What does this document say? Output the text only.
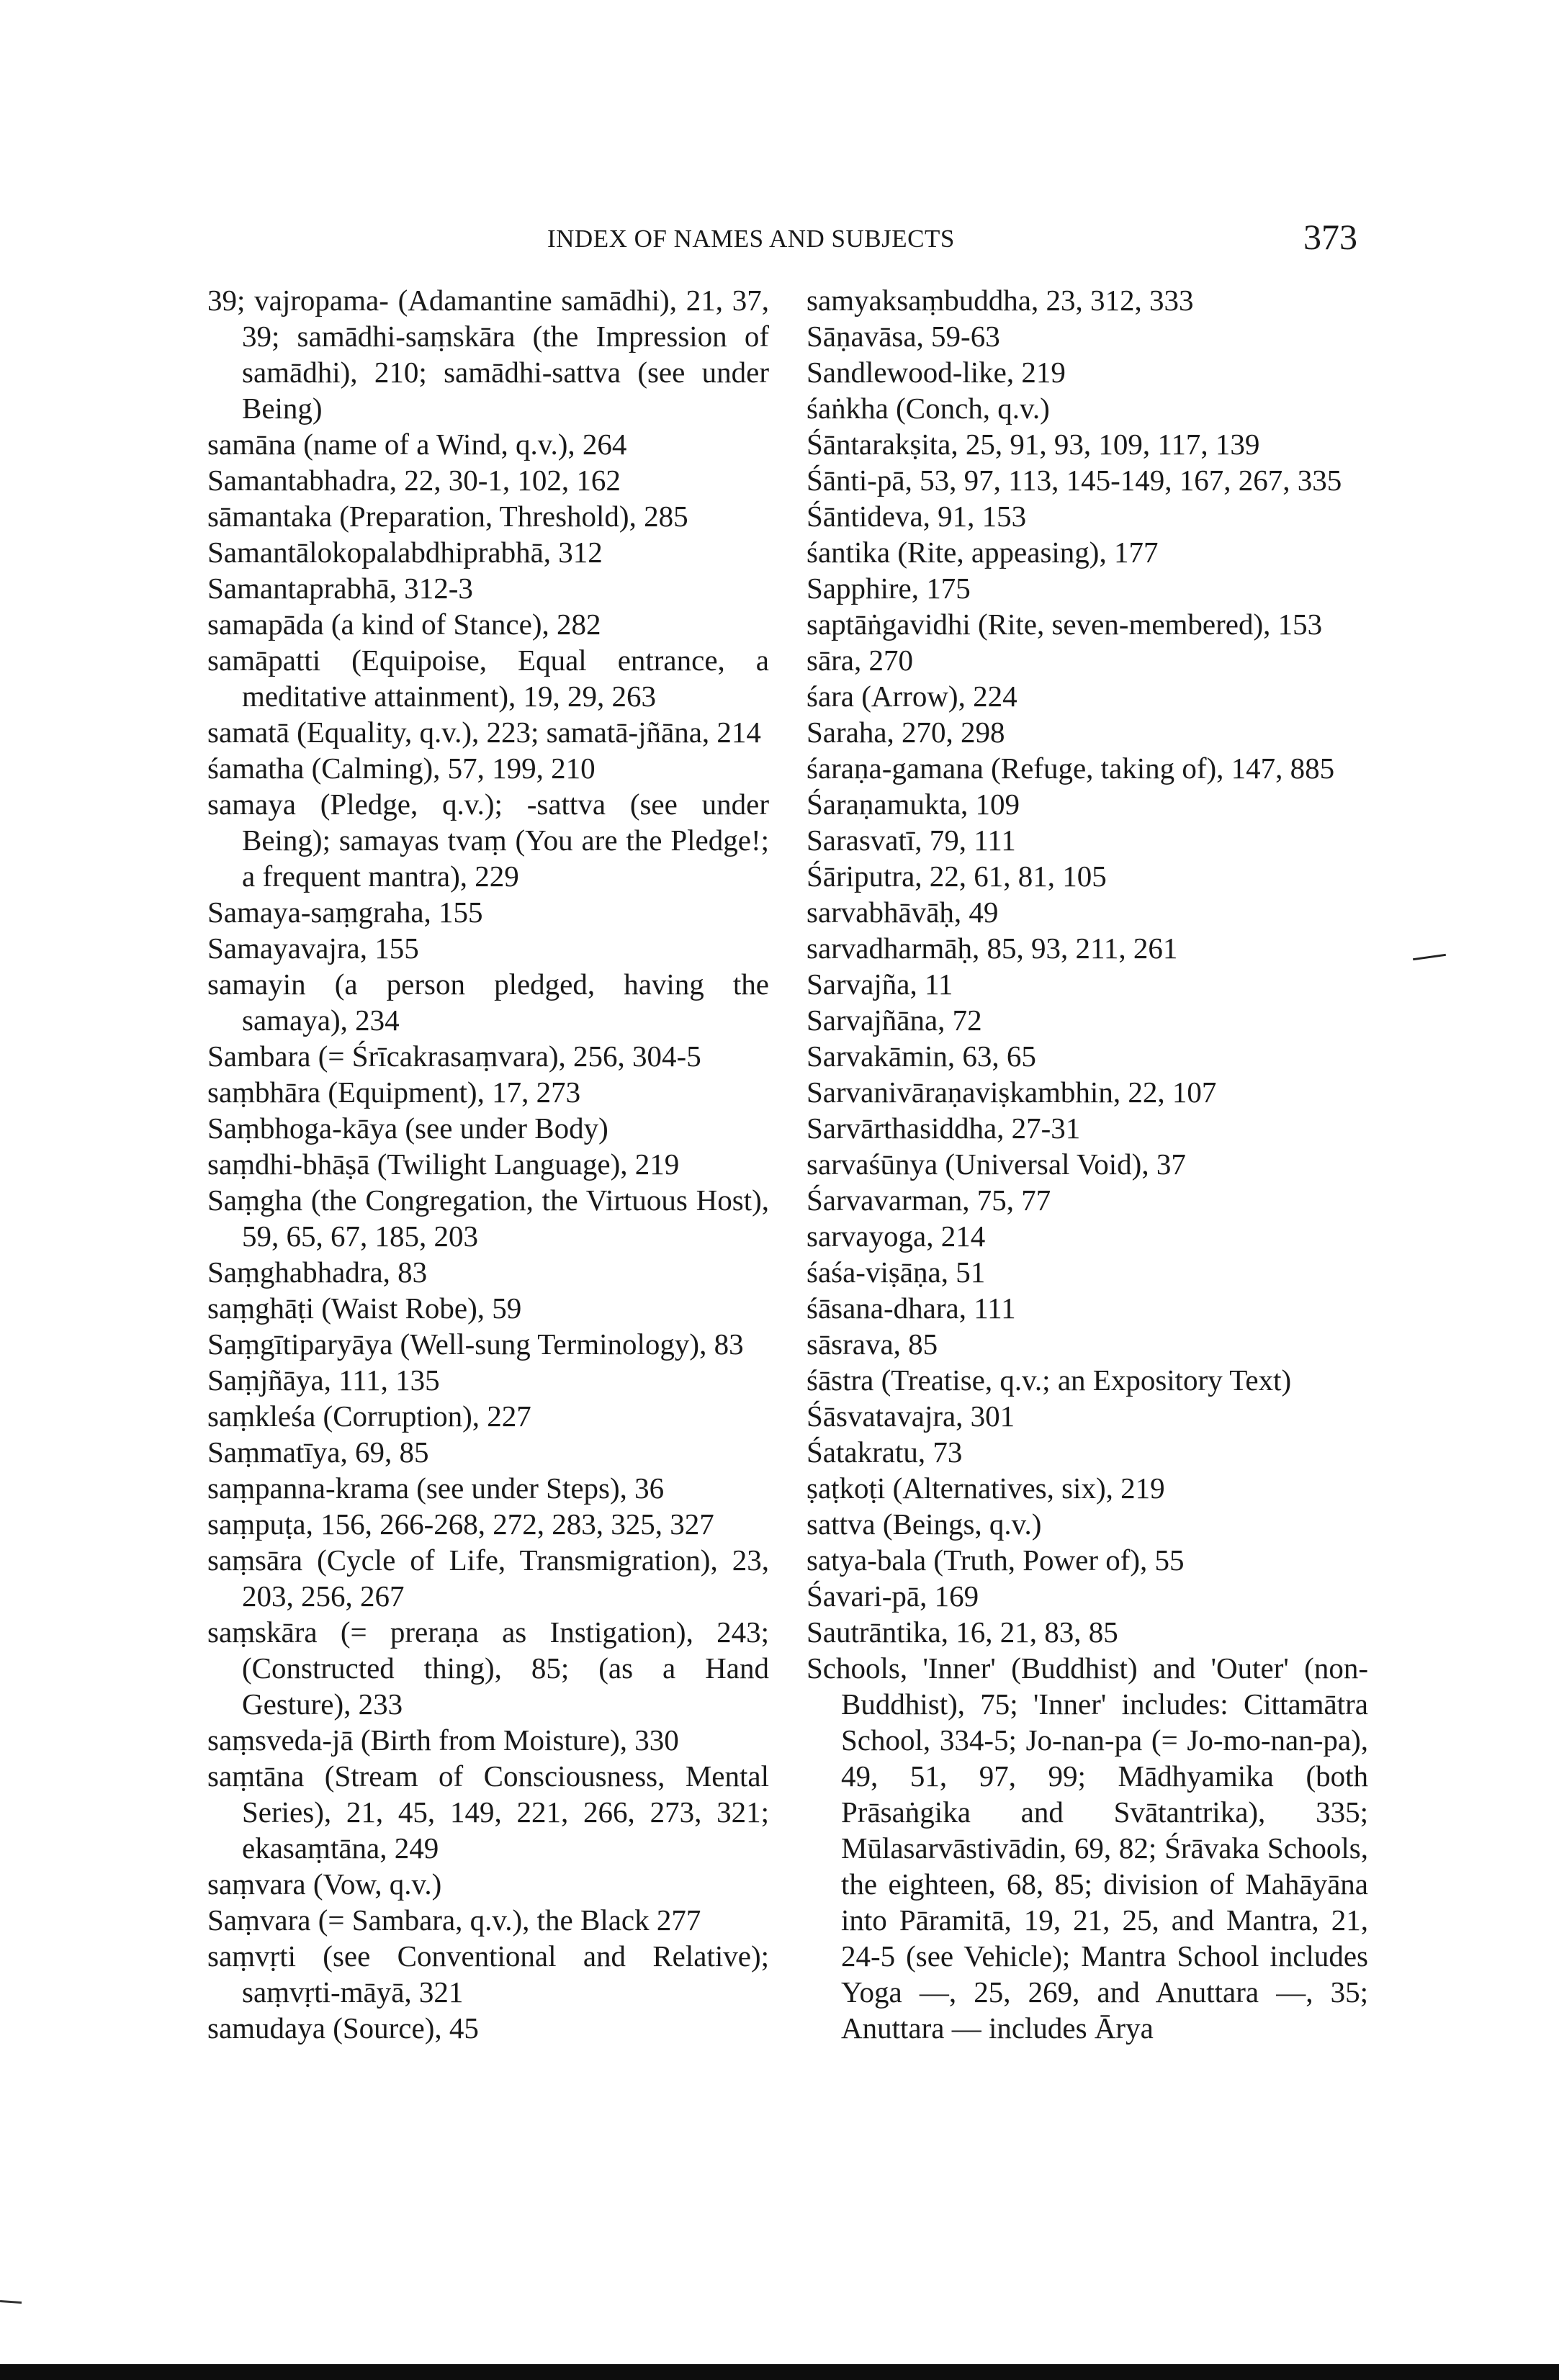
INDEX OF NAMES AND SUBJECTS	373

39; vajropama- (Adamantine samādhi), 21, 37, 39; samādhi-saṃskāra (the Impression of samādhi), 210; samādhi-sattva (see under Being)

samāna (name of a Wind, q.v.), 264

Samantabhadra, 22, 30-1, 102, 162

sāmantaka (Preparation, Threshold), 285

Samantālokopalabdhiprabhā, 312

Samantaprabhā, 312-3

samapāda (a kind of Stance), 282

samāpatti (Equipoise, Equal entrance, a meditative attainment), 19, 29, 263

samatā (Equality, q.v.), 223; samatā-jñāna, 214

śamatha (Calming), 57, 199, 210

samaya (Pledge, q.v.); -sattva (see under Being); samayas tvaṃ (You are the Pledge!; a frequent mantra), 229

Samaya-saṃgraha, 155

Samayavajra, 155

samayin (a person pledged, having the samaya), 234

Sambara (= Śrīcakrasaṃvara), 256, 304-5

saṃbhāra (Equipment), 17, 273

Saṃbhoga-kāya (see under Body)

saṃdhi-bhāṣā (Twilight Language), 219

Saṃgha (the Congregation, the Virtuous Host), 59, 65, 67, 185, 203

Saṃghabhadra, 83

saṃghāṭi (Waist Robe), 59

Saṃgītiparyāya (Well-sung Terminology), 83

Saṃjñāya, 111, 135

saṃkleśa (Corruption), 227

Saṃmatīya, 69, 85

saṃpanna-krama (see under Steps), 36

saṃpuṭa, 156, 266-268, 272, 283, 325, 327

saṃsāra (Cycle of Life, Transmigration), 23, 203, 256, 267

saṃskāra (= preraṇa as Instigation), 243; (Constructed thing), 85; (as a Hand Gesture), 233

saṃsveda-jā (Birth from Moisture), 330

saṃtāna (Stream of Consciousness, Mental Series), 21, 45, 149, 221, 266, 273, 321; ekasaṃtāna, 249

saṃvara (Vow, q.v.)

Saṃvara (= Sambara, q.v.), the Black 277

saṃvṛti (see Conventional and Relative); saṃvṛti-māyā, 321

samudaya (Source), 45

samyaksaṃbuddha, 23, 312, 333

Sāṇavāsa, 59-63

Sandlewood-like, 219

śaṅkha (Conch, q.v.)

Śāntarakṣita, 25, 91, 93, 109, 117, 139

Śānti-pā, 53, 97, 113, 145-149, 167, 267, 335

Śāntideva, 91, 153

śantika (Rite, appeasing), 177

Sapphire, 175

saptāṅgavidhi (Rite, seven-membered), 153

sāra, 270

śara (Arrow), 224

Saraha, 270, 298

śaraṇa-gamana (Refuge, taking of), 147, 885

Śaraṇamukta, 109

Sarasvatī, 79, 111

Śāriputra, 22, 61, 81, 105

sarvabhāvāḥ, 49

sarvadharmāḥ, 85, 93, 211, 261

Sarvajña, 11

Sarvajñāna, 72

Sarvakāmin, 63, 65

Sarvanivāraṇaviṣkambhin, 22, 107

Sarvārthasiddha, 27-31

sarvaśūnya (Universal Void), 37

Śarvavarman, 75, 77

sarvayoga, 214

śaśa-viṣāṇa, 51

śāsana-dhara, 111

sāsrava, 85

śāstra (Treatise, q.v.; an Expository Text)

Śāsvatavajra, 301

Śatakratu, 73

ṣaṭkoṭi (Alternatives, six), 219

sattva (Beings, q.v.)

satya-bala (Truth, Power of), 55

Śavari-pā, 169

Sautrāntika, 16, 21, 83, 85

Schools, 'Inner' (Buddhist) and 'Outer' (non-Buddhist), 75; 'Inner' includes: Cittamātra School, 334-5; Jo-nan-pa (= Jo-mo-nan-pa), 49, 51, 97, 99; Mādhyamika (both Prāsaṅgika and Svātantrika), 335; Mūlasarvāstivādin, 69, 82; Śrāvaka Schools, the eighteen, 68, 85; division of Mahāyāna into Pāramitā, 19, 21, 25, and Mantra, 21, 24-5 (see Vehicle); Mantra School includes Yoga —, 25, 269, and Anuttara —, 35; Anuttara — includes Ārya
